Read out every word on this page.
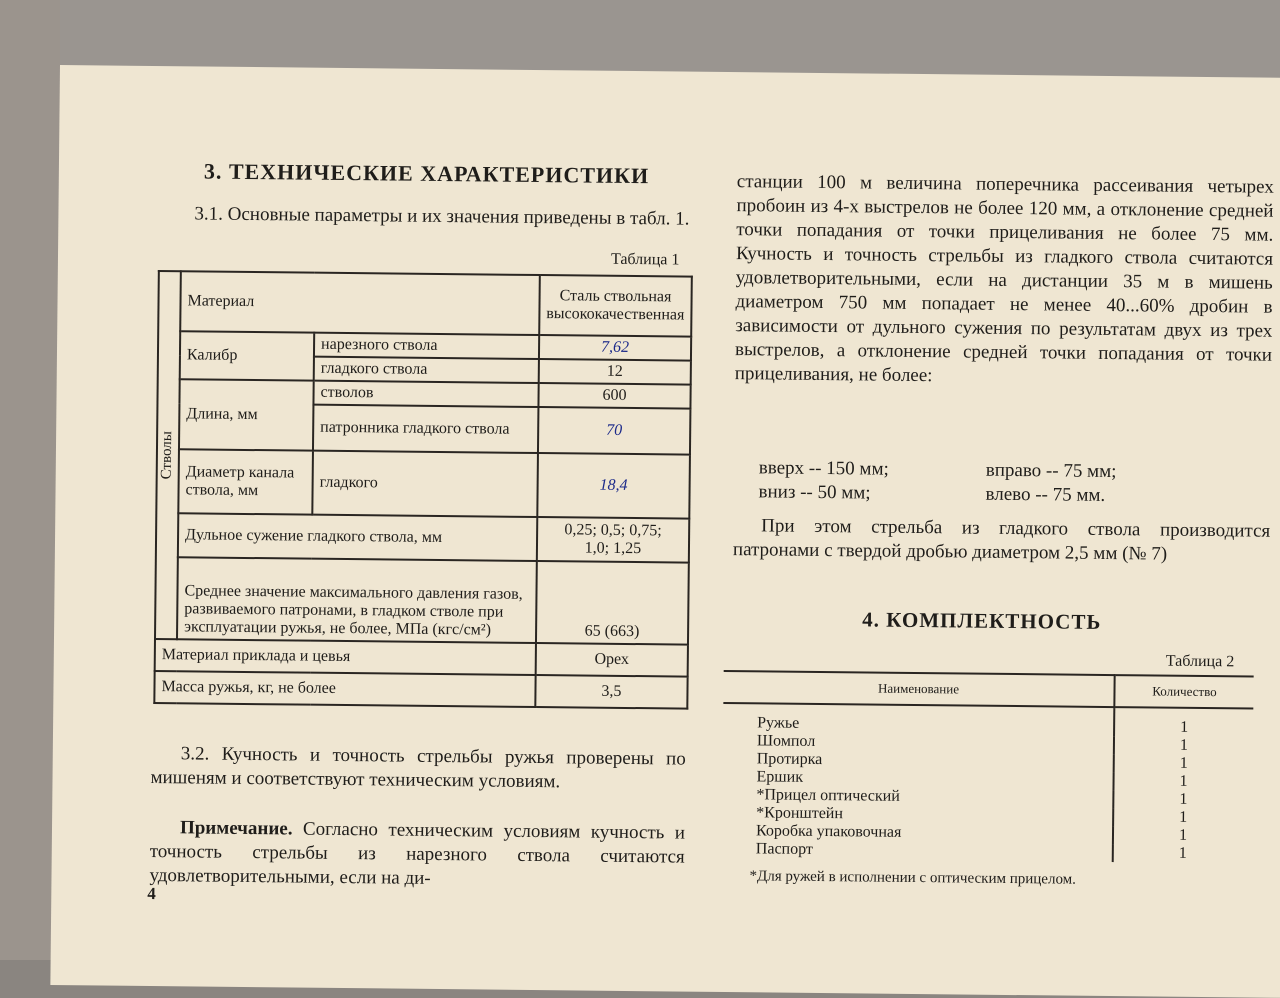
3. ТЕХНИЧЕСКИЕ ХАРАКТЕРИСТИКИ
3.1. Основные параметры и их значения приведены в табл. 1.
Таблица 1
Стволы	Материал		Сталь ствольная высококачественная
	Калибр	нарезного ствола	7,62
		гладкого ствола	12
	Длина, мм	стволов	600
		патронника гладкого ствола	70
	Диаметр канала ствола, мм	гладкого	18,4
	Дульное сужение гладкого ствола, мм		0,25; 0,5; 0,75;
1,0; 1,25

	Среднее значение максимального давления газов, развиваемого патронами, в гладком стволе при эксплуатации ружья, не более, МПа (кгс/см²)		65 (663)
Материал приклада и цевья			Орех
Масса ружья, кг, не более			3,5
3.2. Кучность и точность стрельбы ружья проверены по мишеням и соответствуют техническим условиям.
Примечание. Согласно техническим условиям кучность и точность стрельбы из нарезного ствола считаются удовлетворительными, если на ди-
4
станции 100 м величина поперечника рассеивания четырех пробоин из 4-х выстрелов не более 120 мм, а отклонение средней точки попадания от точки прицеливания не более 75 мм. Кучность и точность стрельбы из гладкого ствола считаются удовлетворительными, если на дистанции 35 м в мишень диаметром 750 мм попадает не менее 40...60% дробин в зависимости от дульного сужения по результатам двух из трех выстрелов, а отклонение средней точки попадания от точки прицеливания, не более:
вверх -- 150 мм;	вправо -- 75 мм;
вниз -- 50 мм;	влево -- 75 мм.
При этом стрельба из гладкого ствола производится патронами с твердой дробью диаметром 2,5 мм (№ 7)
4. КОМПЛЕКТНОСТЬ
Таблица 2
Наименование	Количество
Ружье	1
Шомпол	1
Протирка	1
Ершик	1
*Прицел оптический	1
*Кронштейн	1
Коробка упаковочная	1
Паспорт	1
*Для ружей в исполнении с оптическим прицелом.
